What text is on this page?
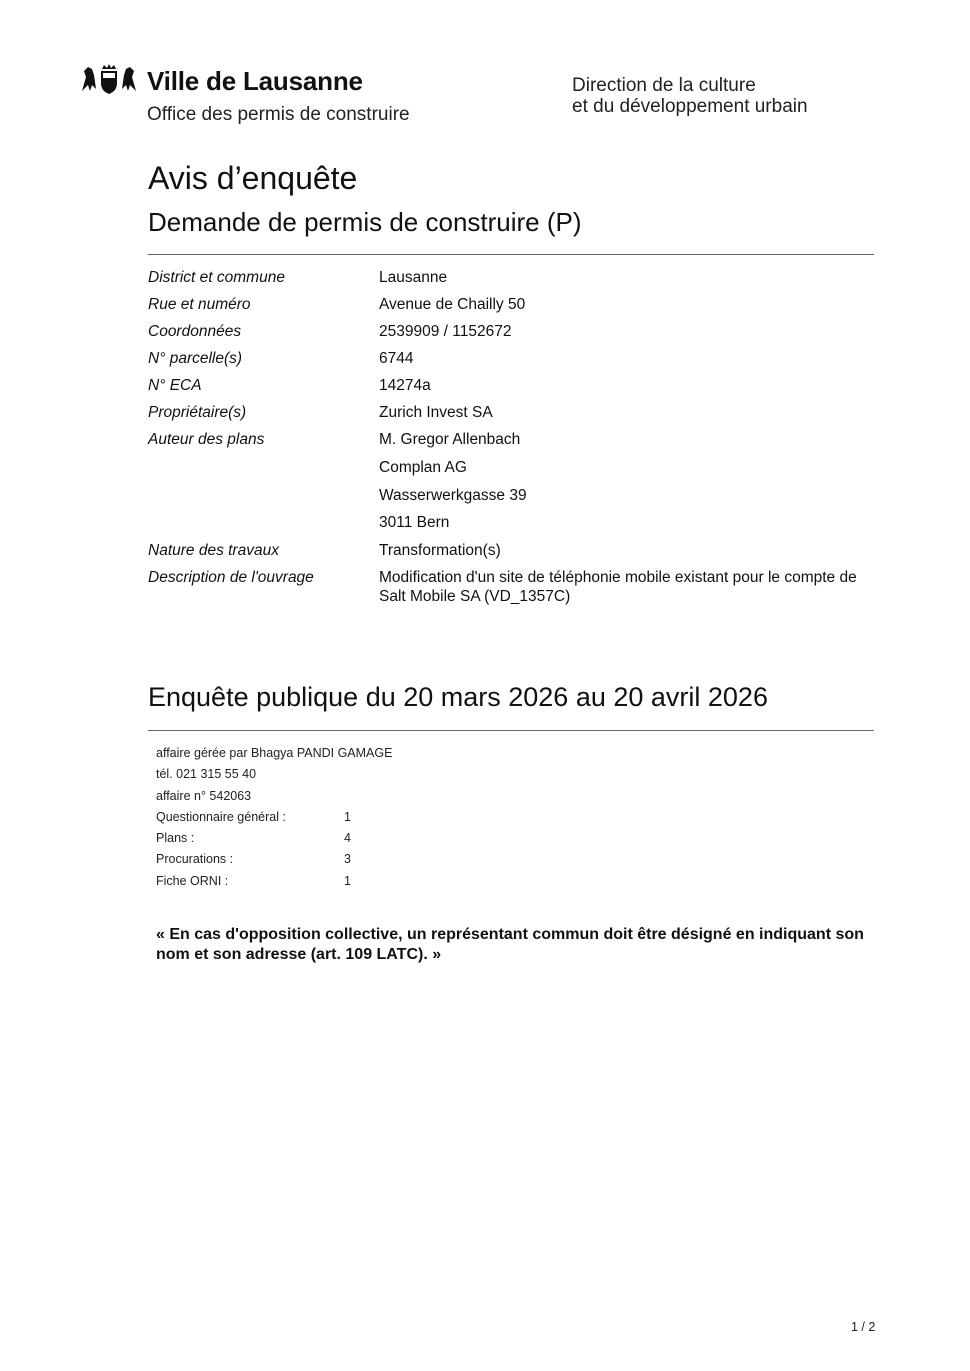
Ville de Lausanne
Office des permis de construire
Direction de la culture
et du développement urbain
Avis d’enquête
Demande de permis de construire (P)
District et commune	Lausanne
Rue et numéro	Avenue de Chailly 50
Coordonnées	2539909 / 1152672
N° parcelle(s)	6744
N° ECA	14274a
Propriétaire(s)	Zurich Invest SA
Auteur des plans	M. Gregor Allenbach
Complan AG
Wasserwerkgasse 39
3011 Bern
Nature des travaux	Transformation(s)
Description de l'ouvrage	Modification d'un site de téléphonie mobile existant pour le compte de Salt Mobile SA (VD_1357C)
Enquête publique du 20 mars 2026 au 20 avril 2026
affaire gérée par Bhagya PANDI GAMAGE
tél. 021 315 55 40
affaire n° 542063
Questionnaire général :	1
Plans :	4
Procurations :	3
Fiche ORNI :	1
« En cas d'opposition collective, un représentant commun doit être désigné en indiquant son nom et son adresse (art. 109 LATC). »
1 / 2
